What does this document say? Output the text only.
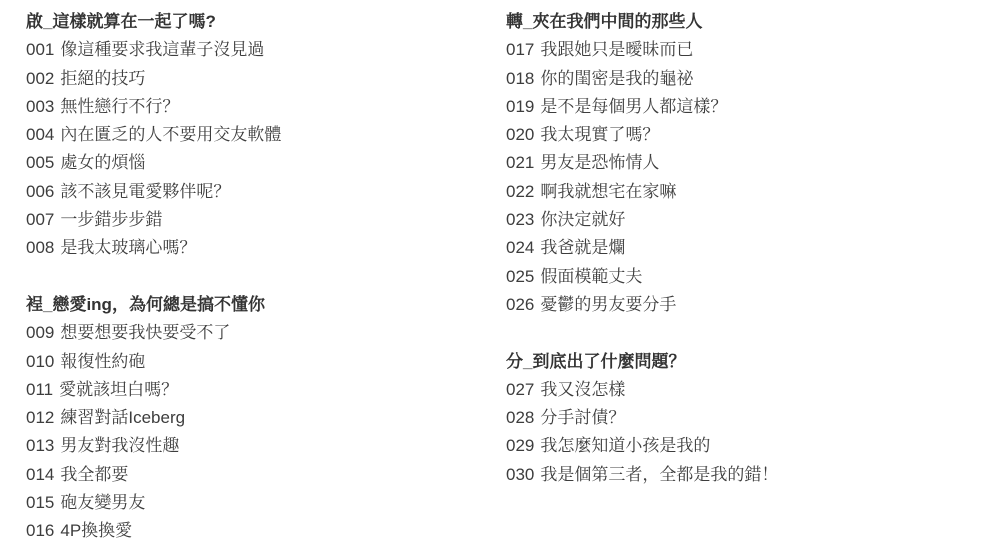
啟_這樣就算在一起了嗎?
001 像這種要求我這輩子沒見過
002 拒絕的技巧
003 無性戀行不行？
004 內在匱乏的人不要用交友軟體
005 處女的煩惱
006 該不該見電愛夥伴呢？
007 一步錯步步錯
008 是我太玻璃心嗎？
裎_戀愛ing，為何總是搞不懂你
009 想要想要我快要受不了
010 報復性約砲
011 愛就該坦白嗎？
012 練習對話Iceberg
013 男友對我沒性趣
014 我全都要
015 砲友變男友
016 4P換換愛
轉_夾在我們中間的那些人
017 我跟她只是曖昧而已
018 你的閨密是我的龜祕
019 是不是每個男人都這樣？
020 我太現實了嗎？
021 男友是恐怖情人
022 啊我就想宅在家嘛
023 你決定就好
024 我爸就是爛
025 假面模範丈夫
026 憂鬱的男友要分手
分_到底出了什麼問題？
027 我又沒怎樣
028 分手討債？
029 我怎麼知道小孩是我的
030 我是個第三者，全都是我的錯！
